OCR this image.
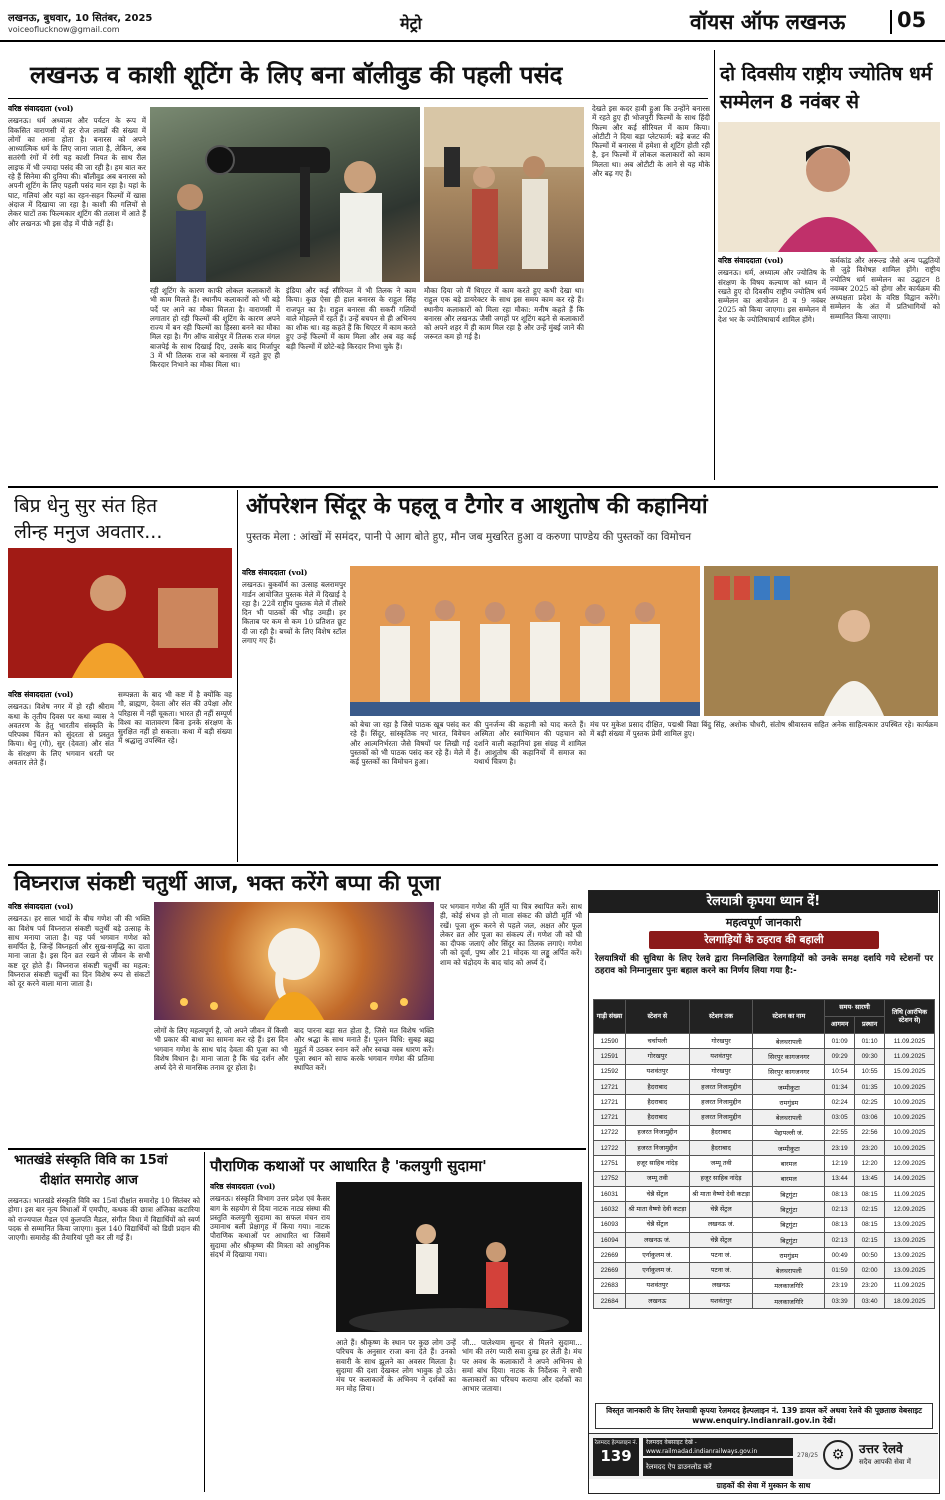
लखनऊ, बुधवार, 10 सितंबर, 2025
voiceoflucknow@gmail.com	मेट्रो	वॉयस ऑफ लखनऊ 05
लखनऊ व काशी शूटिंग के लिए बना बॉलीवुड की पहली पसंद
वरिष्ठ संवाददाता (vol)

लखनऊ। धर्म अध्यात्म और पर्यटन के रूप में विकसित वाराणसी में हर रोज लाखों की संख्या में लोगों का आना होता है। बनारस को अपने आध्यात्मिक धर्म के लिए जाना जाता है, लेकिन, अब सतरंगी रंगों में रंगी यह काशी नियत के साथ रील लाइफ में भी ज्यादा पसंद की जा रही है। हम बात कर रहे हैं सिनेमा की दुनिया की। बॉलीवुड अब बनारस को अपनी शूटिंग के लिए पहली पसंद मान रहा है। यहां के घाट, गलियां और यहां का रहन-सहन फिल्मों में खास अंदाज में दिखाया जा रहा है। काशी की गलियों से लेकर घाटों तक फिल्मकार शूटिंग की तलाश में आते हैं और लखनऊ भी इस दौड़ में पीछे नहीं है।

रही शूटिंग के कारण काफी लोकल कलाकारों के भी काम मिलते हैं। स्थानीय कलाकारों को भी बड़े पर्दे पर आने का मौका मिलता है। वाराणसी में लगातार हो रही फिल्मों की शूटिंग के कारण अपने राज्य में बन रही फिल्मों का हिस्सा बनने का मौका मिल रहा है। गैंग ऑफ वासेपुर में तिलक राज मंगल बाजपेई के साथ दिखाई दिए, उसके बाद मिर्जापुर 3 में भी तिलक राज को बनारस में रहते हुए ही किरदार निभाने का मौका मिला था।

इंडिया और कई सीरियल में भी तिलक ने काम किया। कुछ ऐसा ही हाल बनारस के राहुल सिंह राजपूत का है। राहुल बनारस की सकरी गलियों वाले मोहल्ले में रहते हैं। उन्हें बचपन से ही अभिनय का शौक था। वह कहते हैं कि थिएटर में काम करते हुए उन्हें फिल्मों में काम मिला और अब वह कई बड़ी फिल्मों में छोटे-बड़े किरदार निभा चुके हैं।

मौका दिया जो मैं थिएटर में काम करते हुए कभी देखा था। राहुल एक बड़े डायरेक्टर के साथ इस समय काम कर रहे हैं। स्थानीय कलाकारों को मिला रहा मौका: मनीष कहते हैं कि बनारस और लखनऊ जैसी जगहों पर शूटिंग बढ़ने से कलाकारों को अपने शहर में ही काम मिल रहा है और उन्हें मुंबई जाने की जरूरत कम हो गई है।

देखते इस कदर हावी हुआ कि उन्होंने बनारस में रहते हुए ही भोजपुरी फिल्मों के साथ हिंदी फिल्म और कई सीरियल में काम किया। ओटीटी ने दिया बड़ा प्लेटफार्म: बड़े बजट की फिल्मों में बनारस में हमेशा से शूटिंग होती रही है, इन फिल्मों में लोकल कलाकारों को काम मिलता था। अब ओटीटी के आने से यह मौके और बढ़ गए हैं।

दो दिवसीय राष्ट्रीय ज्योतिष धर्म सम्मेलन 8 नवंबर से
वरिष्ठ संवाददाता (vol)

लखनऊ। धर्म, अध्यात्म और ज्योतिष के संरक्षण के विषय कल्याण को ध्यान में रखते हुए दो दिवसीय राष्ट्रीय ज्योतिष धर्म सम्मेलन का आयोजन 8 व 9 नवंबर 2025 को किया जाएगा। इस सम्मेलन में देश भर के ज्योतिषाचार्य शामिल होंगे।

कर्मकांड और अरूल्ड जैसे अन्य पद्धतियों से जुड़े विशेषज्ञ शामिल होंगे। राष्ट्रीय ज्योतिष धर्म सम्मेलन का उद्घाटन 8 नवम्बर 2025 को होगा और कार्यक्रम की अध्यक्षता प्रदेश के वरिष्ठ विद्वान करेंगे। सम्मेलन के अंत में प्रतिभागियों को सम्मानित किया जाएगा।

बिप्र धेनु सुर संत हित
लीन्ह मनुज अवतार...
वरिष्ठ संवाददाता (vol)

लखनऊ। विशेष नगर में हो रही श्रीराम कथा के तृतीय दिवस पर कथा व्यास ने अवतरण के हेतु भारतीय संस्कृति के परिपक्व चिंतन को सुंदरता से प्रस्तुत किया। धेनु (गौ), सुर (देवता) और संत के संरक्षण के लिए भगवान धरती पर अवतार लेते हैं।

सम्पन्नता के बाद भी कष्ट में है क्योंकि वह गौ, ब्राह्मण, देवता और संत की उपेक्षा और परिहास में नहीं चूकता। भारत ही नहीं सम्पूर्ण विश्व का वातावरण बिना इनके संरक्षण के सुरक्षित नहीं हो सकता। कथा में बड़ी संख्या में श्रद्धालु उपस्थित रहे।

ऑपरेशन सिंदूर के पहलू व टैगोर व आशुतोष की कहानियां
पुस्तक मेला : आंखों में समंदर, पानी पे आग बोते हुए, मौन जब मुखरित हुआ व करुणा पाण्डेय की पुस्तकों का विमोचन
वरिष्ठ संवाददाता (vol)

लखनऊ। बुकवॉर्म का उत्साह बलरामपुर गार्डन आयोजित पुस्तक मेले में दिखाई दे रहा है। 22वें राष्ट्रीय पुस्तक मेले में तीसरे दिन भी पाठकों की भीड़ उमड़ी। हर किताब पर कम से कम 10 प्रतिशत छूट दी जा रही है। बच्चों के लिए विशेष स्टॉल लगाए गए हैं।

को बेचा जा रहा है जिसे पाठक खूब पसंद कर रहे हैं। सिंदूर, सांस्कृतिक नए भारत, विवेचन और आत्मनिर्भरता जैसे विषयों पर लिखी गई पुस्तकों को भी पाठक पसंद कर रहे हैं। मेले में कई पुस्तकों का विमोचन हुआ।

की पुनर्जन्म की कहानी को याद करते हैं। अस्मिता और स्वाभिमान की पहचान को दर्शाने वाली कहानियां इस संग्रह में शामिल हैं। आशुतोष की कहानियों में समाज का यथार्थ चित्रण है।

मंच पर मुकेश प्रसाद दीक्षित, पद्मश्री विद्या बिंदु सिंह, अशोक चौधरी, संतोष श्रीवास्तव सहित अनेक साहित्यकार उपस्थित रहे। कार्यक्रम में बड़ी संख्या में पुस्तक प्रेमी शामिल हुए।

विघ्नराज संकष्टी चतुर्थी आज, भक्त करेंगे बप्पा की पूजा
वरिष्ठ संवाददाता (vol)

लखनऊ। हर साल भादों के बीच गणेश जी की भक्ति का विशेष पर्व विघ्नराज संकष्टी चतुर्थी बड़े उत्साह के साथ मनाया जाता है। यह पर्व भगवान गणेश को समर्पित है, जिन्हें विघ्नहर्ता और सुख-समृद्धि का दाता माना जाता है। इस दिन व्रत रखने से जीवन के सभी कष्ट दूर होते हैं। विघ्नराज संकष्टी चतुर्थी का महत्व: विघ्नराज संकष्टी चतुर्थी का दिन विशेष रूप से संकटों को दूर करने वाला माना जाता है।

लोगों के लिए महत्वपूर्ण है, जो अपने जीवन में किसी भी प्रकार की बाधा का सामना कर रहे हैं। इस दिन भगवान गणेश के साथ चांद देवता की पूजा का भी विशेष विधान है। माना जाता है कि चंद्र दर्शन और अर्घ्य देने से मानसिक तनाव दूर होता है।

बाद पारना बड़ा सत होता है, जिसे मत विशेष भक्ति और श्रद्धा के साथ मनाते हैं। पूजन विधि: सुबह ब्रह्म मुहूर्त में उठकर स्नान करें और स्वच्छ वस्त्र धारण करें। पूजा स्थान को साफ करके भगवान गणेश की प्रतिमा स्थापित करें।

पर भगवान गणेश की मूर्ति या चित्र स्थापित करें। साथ ही, कोई संभव हो तो माता संकट की छोटी मूर्ति भी रखें। पूजा शुरू करने से पहले जल, अक्षत और फूल लेकर व्रत और पूजा का संकल्प लें। गणेश जी को घी का दीपक जलाएं और सिंदूर का तिलक लगाएं। गणेश जी को दूर्वा, पुष्प और 21 मोदक या लड्डू अर्पित करें। शाम को चंद्रोदय के बाद चांद को अर्घ्य दें।

भातखंडे संस्कृति विवि का 15वां
दीक्षांत समारोह आज

लखनऊ। भातखंडे संस्कृति विवि का 15वां दीक्षांत समारोह 10 सितंबर को होगा। इस बार नृत्य विधाओं में एमपीए, कथक की छात्रा अंजिका कटारिया को राज्यपाल मैडल एवं कुलपति मैडल, संगीत विधा में विद्यार्थियों को स्वर्ण पदक से सम्मानित किया जाएगा। कुल 140 विद्यार्थियों को डिग्री प्रदान की जाएगी। समारोह की तैयारियां पूरी कर ली गई हैं।

पौराणिक कथाओं पर आधारित है 'कलयुगी सुदामा'
वरिष्ठ संवाददाता (vol)

लखनऊ। संस्कृति विभाग उत्तर प्रदेश एवं कैसर बाग के सहयोग से दिया नाटक नाट्य संस्था की प्रस्तुति कलयुगी सुदामा का सफल मंचन राय उमानाथ बली प्रेक्षागृह में किया गया। नाटक पौराणिक कथाओं पर आधारित था जिसमें सुदामा और श्रीकृष्ण की मित्रता को आधुनिक संदर्भ में दिखाया गया।

आते हैं। श्रीकृष्ण के स्थान पर कुछ लोग उन्हें परिचय के अनुसार राजा बना देते हैं। उनको सवारी के साथ झूलने का अवसर मिलता है। सुदामा की दशा देखकर लोग भावुक हो उठे। मंच पर कलाकारों के अभिनय ने दर्शकों का मन मोह लिया।

जी... पालेश्याम सुन्दर से मिलने सुदामा... भांग की तरंग प्यारी सवा दुःख हर लेती है। मंच पर अवध के कलाकारों ने अपने अभिनय से समां बांध दिया। नाटक के निर्देशक ने सभी कलाकारों का परिचय कराया और दर्शकों का आभार जताया।

रेलयात्री कृपया ध्यान दें!
महत्वपूर्ण जानकारी
रेलगाड़ियों के ठहराव की बहाली
रेलयात्रियों की सुविधा के लिए रेलवे द्वारा निम्नलिखित रेलगाड़ियों को उनके समक्ष दर्शाये गये स्टेशनों पर ठहराव को निम्नानुसार पुनः बहाल करने का निर्णय लिया गया है:-
गाड़ी संख्या	स्टेशन से	स्टेशन तक	स्टेशन का नाम	समय- सारणी		तिथि (आरंभिक स्टेशन से)
				आगमन	प्रस्थान	
12590	चर्चापली	गोरखपुर	बेलथरापली	01:09	01:10	11.09.2025
12591	गोरखपुर	यशवंतपुर	सिरपुर कागजनगर	09:29	09:30	11.09.2025
12592	यशवंतपुर	गोरखपुर	सिरपुर कागजनगर	10:54	10:55	15.09.2025
12721	हैदराबाद	हजरत निजामुद्दीन	जम्मीकुटा	01:34	01:35	10.09.2025
12721	हैदराबाद	हजरत निजामुद्दीन	रामगुंडम	02:24	02:25	10.09.2025
12721	हैदराबाद	हजरत निजामुद्दीन	बेलथरापली	03:05	03:06	10.09.2025
12722	हजरत निजामुद्दीन	हैदराबाद	पेद्दापल्ली जं.	22:55	22:56	10.09.2025
12722	हजरत निजामुद्दीन	हैदराबाद	जम्मीकुटा	23:19	23:20	10.09.2025
12751	हजूर साहिब नांदेड़	जम्मू तवी	बारमल	12:19	12:20	12.09.2025
12752	जम्मू तवी	हजूर साहिब नांदेड़	बारमल	13:44	13:45	14.09.2025
16031	चेन्नै सेंट्रल	श्री माता वैष्णो देवी कटड़ा	बिट्रगुंटा	08:13	08:15	11.09.2025
16032	श्री माता वैष्णो देवी कटड़ा	चेन्नै सेंट्रल	बिट्रगुंटा	02:13	02:15	12.09.2025
16093	चेन्नै सेंट्रल	लखनऊ जं.	बिट्रगुंटा	08:13	08:15	13.09.2025
16094	लखनऊ जं.	चेन्नै सेंट्रल	बिट्रगुंटा	02:13	02:15	13.09.2025
22669	एर्नाकुलम जं.	पटना जं.	रामगुंडम	00:49	00:50	13.09.2025
22669	एर्नाकुलम जं.	पटना जं.	बेलथरापली	01:59	02:00	13.09.2025
22683	यशवंतपुर	लखनऊ	मलकाजगिरि	23:19	23:20	11.09.2025
22684	लखनऊ	यशवंतपुर	मलकाजगिरि	03:39	03:40	18.09.2025
विस्तृत जानकारी के लिए रेलयात्री कृपया रेलमदद हेल्पलाइन नं. 139 डायल करें अथवा रेलवे की पूछताछ वेबसाइट www.enquiry.indianrail.gov.in देखें।
रेलमदद हेल्पलाइन नं.
139
रेलमदद वेबसाइट देखें -
www.railmadad.indianrailways.gov.in
रेलमदद ऐप डाउनलोड करें
278/25 ⚙	उत्तर रेलवे
सदैव आपकी सेवा में
ग्राहकों की सेवा में मुस्कान के साथ
